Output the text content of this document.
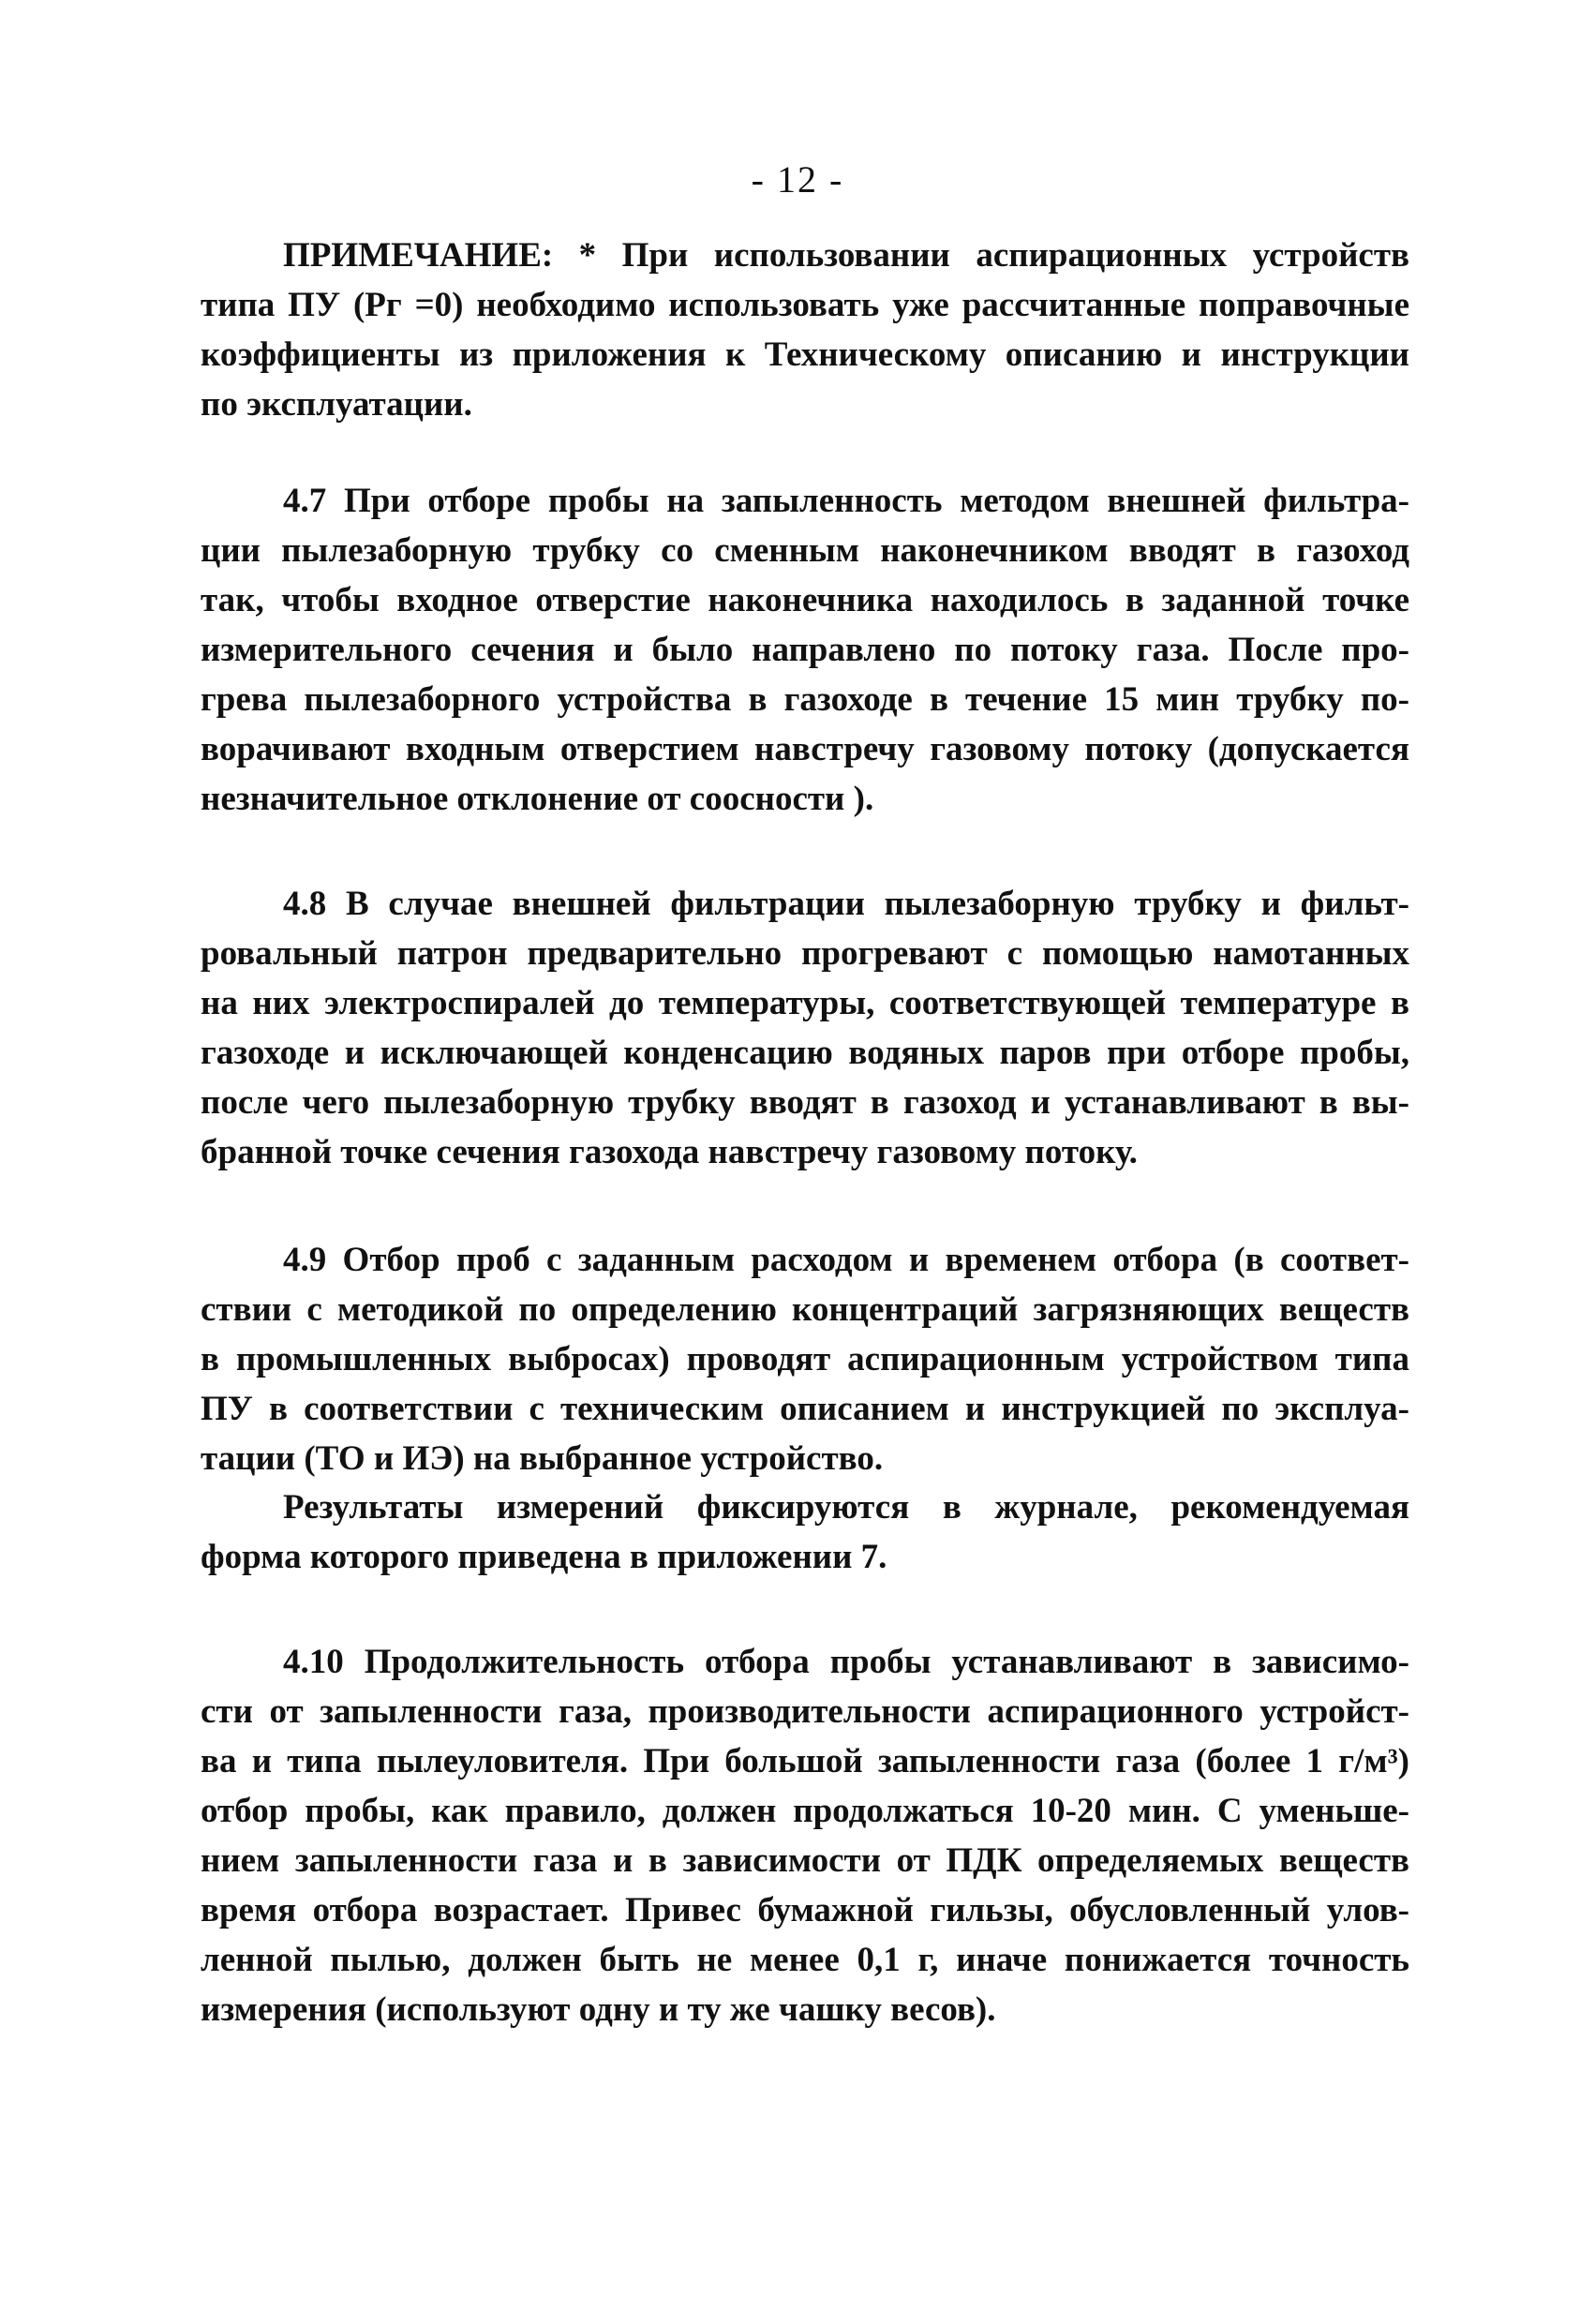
- 12 -
ПРИМЕЧАНИЕ: * При использовании аспирационных устройств
типа ПУ (Pг =0) необходимо использовать уже рассчитанные поправочные
коэффициенты из приложения к Техническому описанию и инструкции
по эксплуатации.
4.7 При отборе пробы на запыленность методом внешней фильтра-
ции пылезаборную трубку со сменным наконечником вводят в газоход
так, чтобы входное отверстие наконечника находилось в заданной точке
измерительного сечения и было направлено по потоку газа. После про-
грева пылезаборного устройства в газоходе в течение 15 мин трубку по-
ворачивают входным отверстием навстречу газовому потоку (допускается
незначительное отклонение от соосности ).
4.8 В случае внешней фильтрации пылезаборную трубку и фильт-
ровальный патрон предварительно прогревают с помощью намотанных
на них электроспиралей до температуры, соответствующей температуре в
газоходе и исключающей конденсацию водяных паров при отборе пробы,
после чего пылезаборную трубку вводят в газоход и устанавливают в вы-
бранной точке сечения газохода навстречу газовому потоку.
4.9 Отбор проб с заданным расходом и временем отбора (в соответ-
ствии с методикой по определению концентраций загрязняющих веществ
в промышленных выбросах) проводят аспирационным устройством типа
ПУ в соответствии с техническим описанием и инструкцией по эксплуа-
тации (ТО и ИЭ) на выбранное устройство.
Результаты измерений фиксируются в журнале, рекомендуемая
форма которого приведена в приложении 7.
4.10 Продолжительность отбора пробы устанавливают в зависимо-
сти от запыленности газа, производительности аспирационного устройст-
ва и типа пылеуловителя. При большой запыленности газа (более 1 г/м³)
отбор пробы, как правило, должен продолжаться 10-20 мин. С уменьше-
нием запыленности газа и в зависимости от ПДК определяемых веществ
время отбора возрастает. Привес бумажной гильзы, обусловленный улов-
ленной пылью, должен быть не менее 0,1 г, иначе понижается точность
измерения (используют одну и ту же чашку весов).
